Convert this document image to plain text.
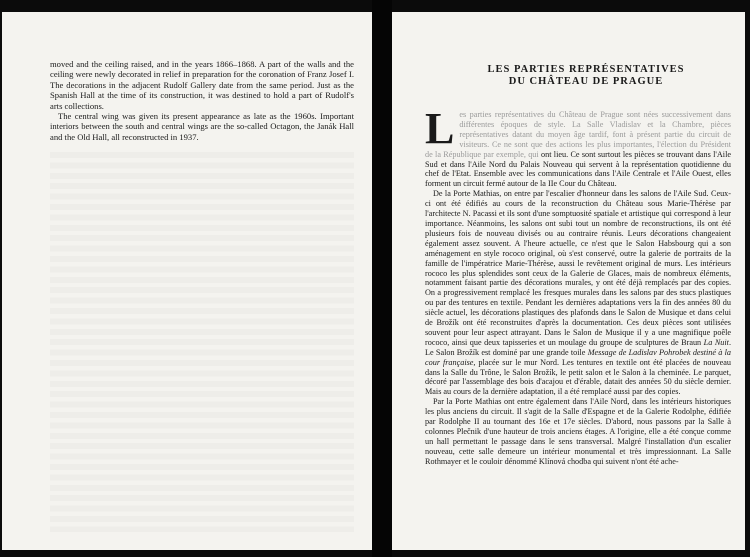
moved and the ceiling raised, and in the years 1866–1868. A part of the walls and the ceiling were newly decorated in relief in preparation for the coronation of Franz Josef I. The decorations in the adjacent Rudolf Gallery date from the same period. Just as the Spanish Hall at the time of its construction, it was destined to hold a part of Rudolf's arts collections.

The central wing was given its present appearance as late as the 1960s. Important interiors between the south and central wings are the so-called Octagon, the Janák Hall and the Old Hall, all reconstructed in 1937.

LES PARTIES REPRÉSENTATIVES
DU CHÂTEAU DE PRAGUE

Les parties représentatives du Château de Prague sont nées successivement dans différentes époques de style. La Salle Vladislav et la Chambre, pièces représentatives datant du moyen âge tardif, font à présent partie du circuit de visiteurs. Ce ne sont que des actions les plus importantes, l'élection du Président de la République par exemple, qui ont lieu. Ce sont surtout les pièces se trouvant dans l'Aile Sud et dans l'Aile Nord du Palais Nouveau qui servent à la représentation quotidienne du chef de l'Etat. Ensemble avec les communications dans l'Aile Centrale et l'Aile Ouest, elles forment un circuit fermé autour de la IIe Cour du Château.

De la Porte Mathias, on entre par l'escalier d'honneur dans les salons de l'Aile Sud. Ceux-ci ont été édifiés au cours de la reconstruction du Château sous Marie-Thérèse par l'architecte N. Pacassi et ils sont d'une somptuosité spatiale et artistique qui correspond à leur importance. Néanmoins, les salons ont subi tout un nombre de reconstructions, ils ont été plusieurs fois de nouveau divisés ou au contraire réunis. Leurs décorations changeaient également assez souvent. A l'heure actuelle, ce n'est que le Salon Habsbourg qui a son aménagement en style rococo original, où s'est conservé, outre la galerie de portraits de la famille de l'impératrice Marie-Thérèse, aussi le revêtement original de murs. Les intérieurs rococo les plus splendides sont ceux de la Galerie de Glaces, mais de nombreux éléments, notamment faisant partie des décorations murales, y ont été déjà remplacés par des copies. On a progressivement remplacé les fresques murales dans les salons par des stucs plastiques ou par des tentures en textile. Pendant les dernières adaptations vers la fin des années 80 du siècle actuel, les décorations plastiques des plafonds dans le Salon de Musique et dans celui de Brožík ont été reconstruites d'après la documentation. Ces deux pièces sont utilisées souvent pour leur aspect attrayant. Dans le Salon de Musique il y a une magnifique poêle rococo, ainsi que deux tapisseries et un moulage du groupe de sculptures de Braun La Nuit. Le Salon Brožík est dominé par une grande toile Message de Ladislav Pohrobek destiné à la cour française, placée sur le mur Nord. Les tentures en textile ont été placées de nouveau dans la Salle du Trône, le Salon Brožík, le petit salon et le Salon à la cheminée. Le parquet, décoré par l'assemblage des bois d'acajou et d'érable, datait des années 50 du siècle dernier. Mais au cours de la dernière adaptation, il a été remplacé aussi par des copies.

Par la Porte Mathias ont entre également dans l'Aile Nord, dans les intérieurs historiques les plus anciens du circuit. Il s'agit de la Salle d'Espagne et de la Galerie Rodolphe, édifiée par Rodolphe II au tournant des 16e et 17e siècles. D'abord, nous passons par la Salle à colonnes Plečnik d'une hauteur de trois anciens étages. A l'origine, elle a été conçue comme un hall permettant le passage dans le sens transversal. Malgré l'installation d'un escalier nouveau, cette salle demeure un intérieur monumental et très impressionnant. La Salle Rothmayer et le couloir dénommé Klínová chodba qui suivent n'ont été ache-
